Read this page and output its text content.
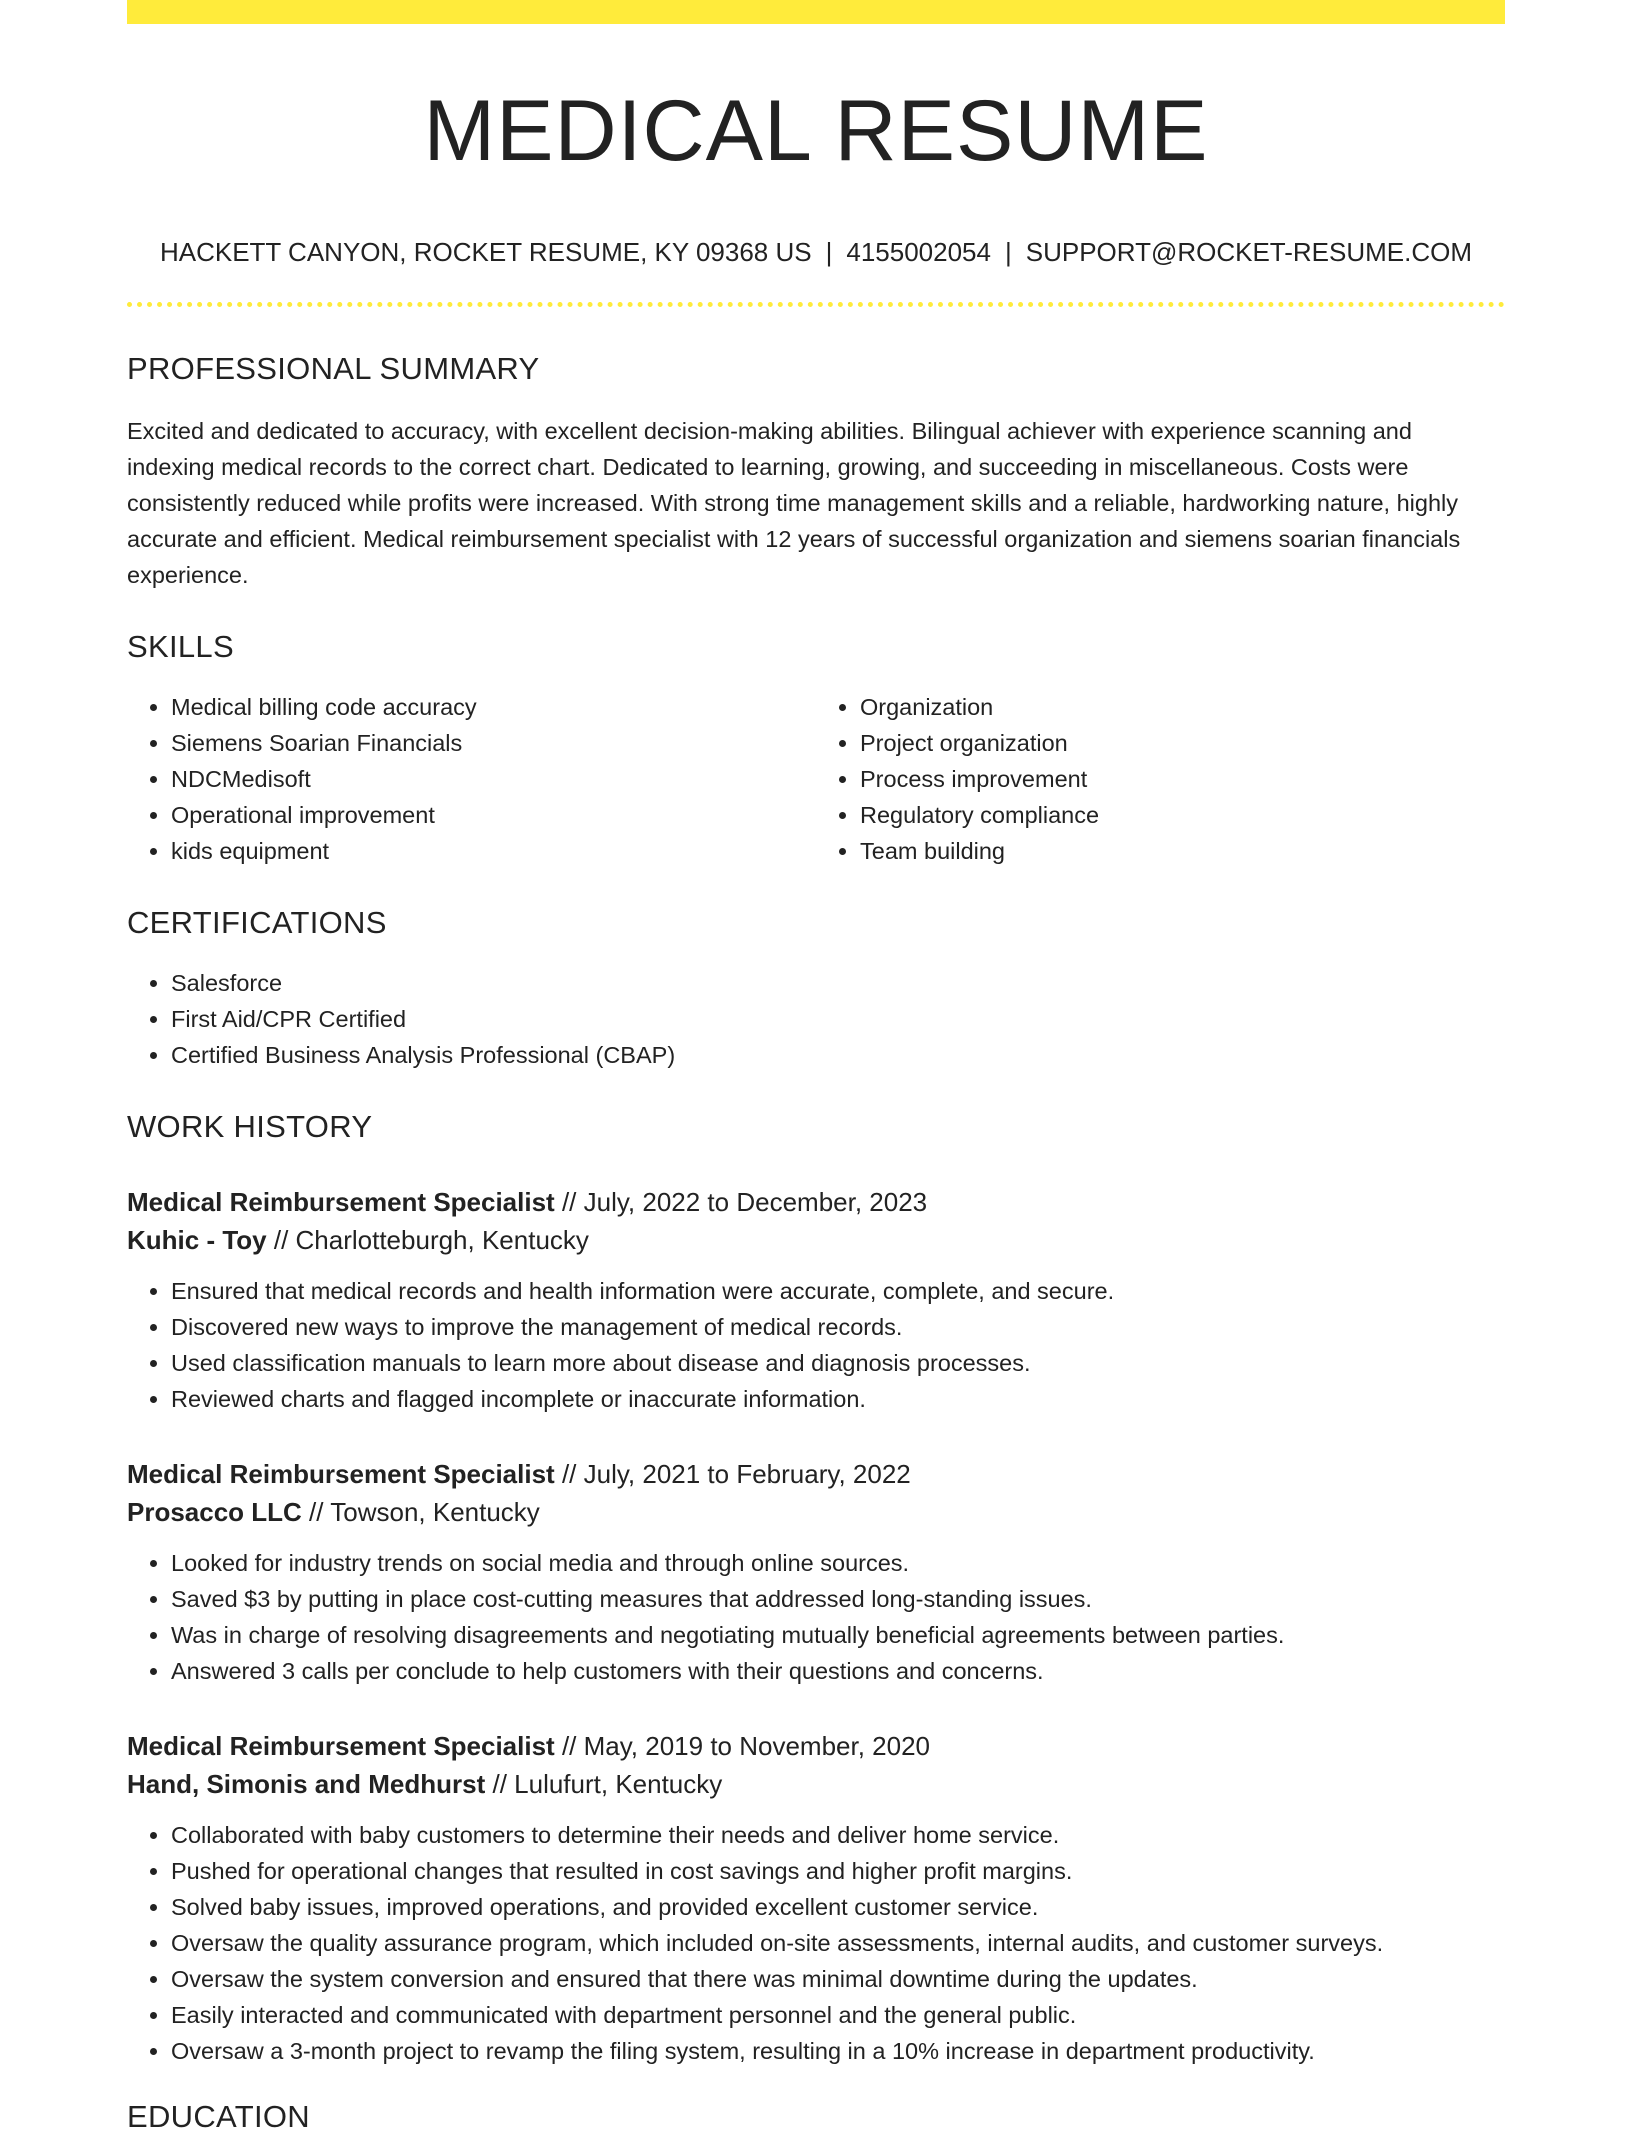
MEDICAL RESUME
HACKETT CANYON, ROCKET RESUME, KY 09368 US | 4155002054 | SUPPORT@ROCKET-RESUME.COM
PROFESSIONAL SUMMARY

Excited and dedicated to accuracy, with excellent decision-making abilities. Bilingual achiever with experience scanning and indexing medical records to the correct chart. Dedicated to learning, growing, and succeeding in miscellaneous. Costs were consistently reduced while profits were increased. With strong time management skills and a reliable, hardworking nature, highly accurate and efficient. Medical reimbursement specialist with 12 years of successful organization and siemens soarian financials experience.

SKILLS
• Medical billing code accuracy
• Siemens Soarian Financials
• NDCMedisoft
• Operational improvement
• kids equipment
• Organization
• Project organization
• Process improvement
• Regulatory compliance
• Team building
CERTIFICATIONS
• Salesforce
• First Aid/CPR Certified
• Certified Business Analysis Professional (CBAP)
WORK HISTORY
Medical Reimbursement Specialist // July, 2022 to December, 2023
Kuhic - Toy // Charlotteburgh, Kentucky
• Ensured that medical records and health information were accurate, complete, and secure.
• Discovered new ways to improve the management of medical records.
• Used classification manuals to learn more about disease and diagnosis processes.
• Reviewed charts and flagged incomplete or inaccurate information.
Medical Reimbursement Specialist // July, 2021 to February, 2022
Prosacco LLC // Towson, Kentucky
• Looked for industry trends on social media and through online sources.
• Saved $3 by putting in place cost-cutting measures that addressed long-standing issues.
• Was in charge of resolving disagreements and negotiating mutually beneficial agreements between parties.
• Answered 3 calls per conclude to help customers with their questions and concerns.
Medical Reimbursement Specialist // May, 2019 to November, 2020
Hand, Simonis and Medhurst // Lulufurt, Kentucky
• Collaborated with baby customers to determine their needs and deliver home service.
• Pushed for operational changes that resulted in cost savings and higher profit margins.
• Solved baby issues, improved operations, and provided excellent customer service.
• Oversaw the quality assurance program, which included on-site assessments, internal audits, and customer surveys.
• Oversaw the system conversion and ensured that there was minimal downtime during the updates.
• Easily interacted and communicated with department personnel and the general public.
• Oversaw a 3-month project to revamp the filing system, resulting in a 10% increase in department productivity.
EDUCATION
